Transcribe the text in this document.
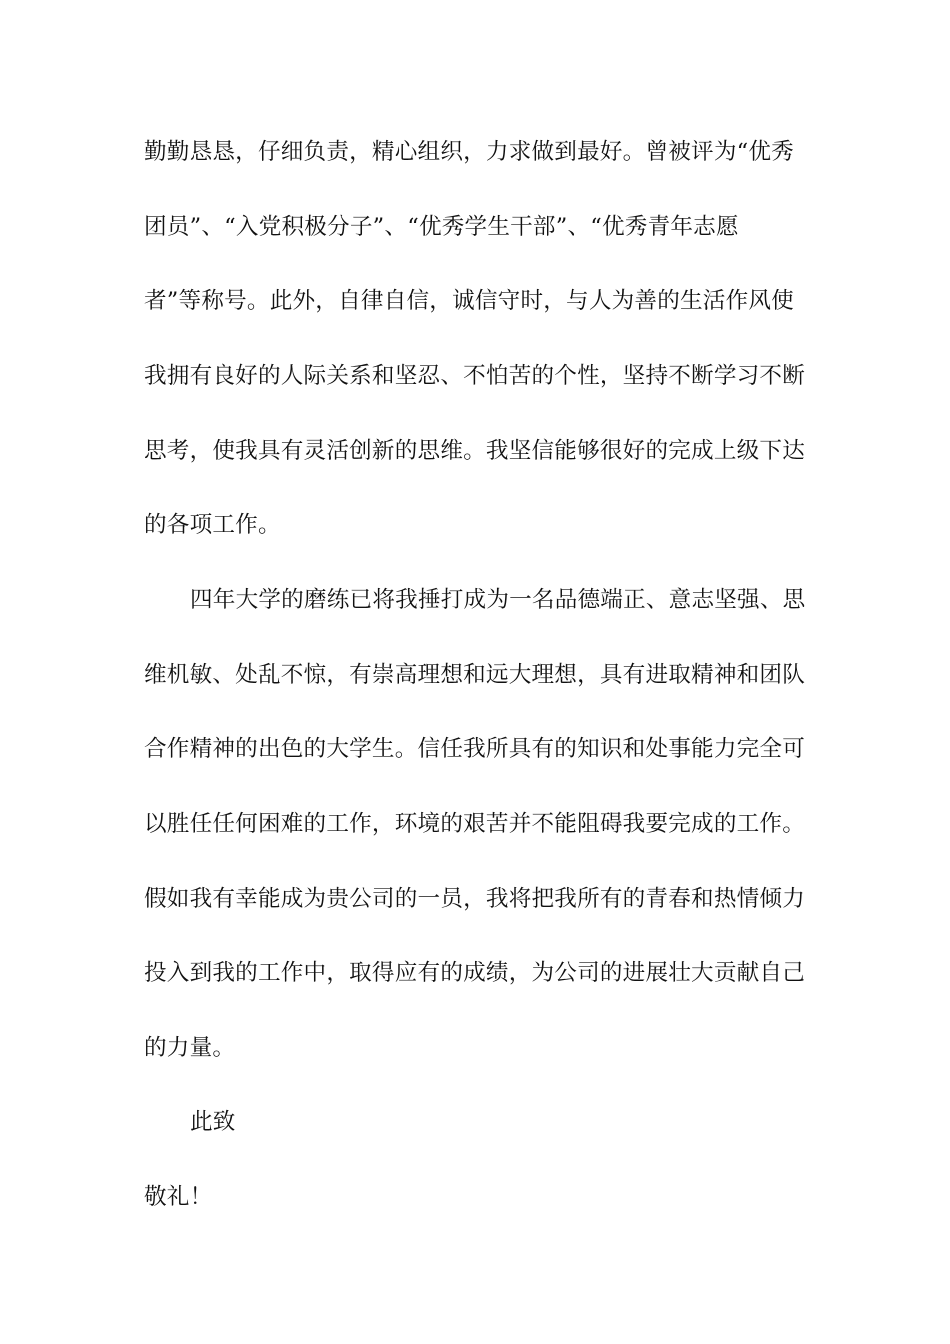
勤勤恳恳，仔细负责，精心组织，力求做到最好。曾被评为“优秀
团员”、“入党积极分子”、“优秀学生干部”、“优秀青年志愿
者”等称号。此外，自律自信，诚信守时，与人为善的生活作风使
我拥有良好的人际关系和坚忍、不怕苦的个性，坚持不断学习不断
思考，使我具有灵活创新的思维。我坚信能够很好的完成上级下达
的各项工作。
四年大学的磨练已将我捶打成为一名品德端正、意志坚强、思
维机敏、处乱不惊，有崇高理想和远大理想，具有进取精神和团队
合作精神的出色的大学生。信任我所具有的知识和处事能力完全可
以胜任任何困难的工作，环境的艰苦并不能阻碍我要完成的工作。
假如我有幸能成为贵公司的一员，我将把我所有的青春和热情倾力
投入到我的工作中，取得应有的成绩，为公司的进展壮大贡献自己
的力量。
此致
敬礼！
